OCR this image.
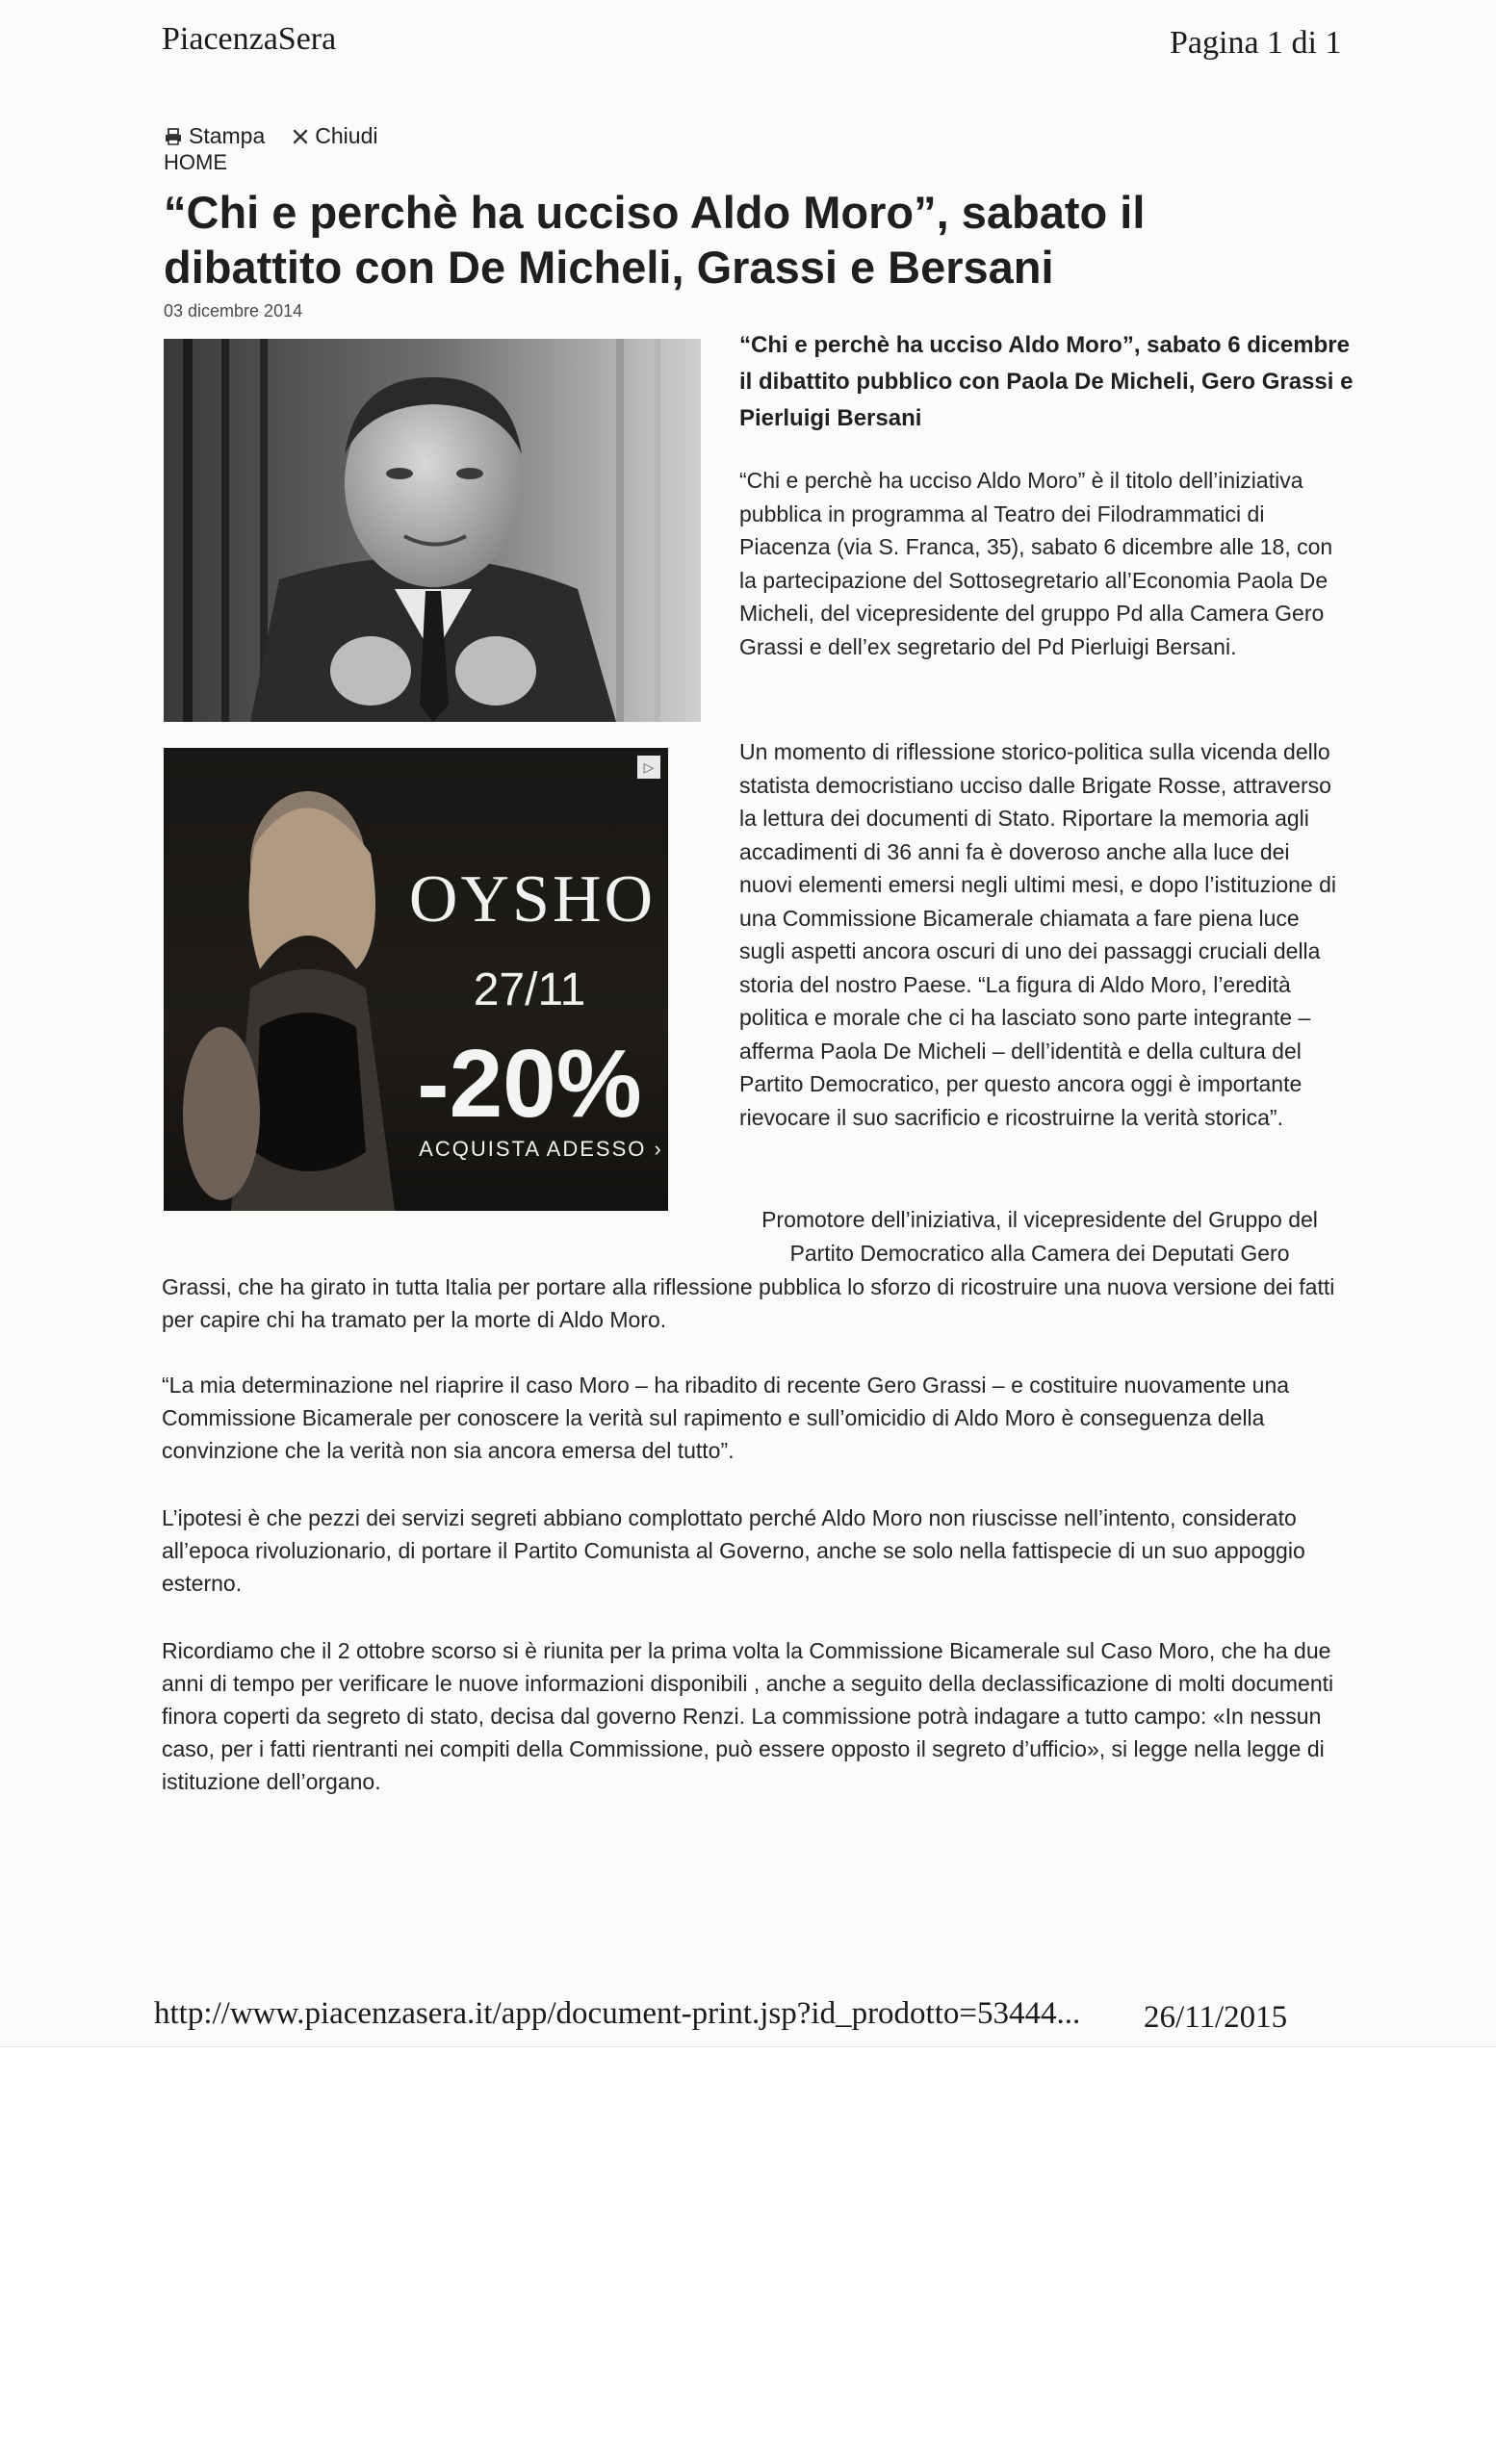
PiacenzaSera	Pagina 1 di 1
Stampa Chiudi
HOME
“Chi e perchè ha ucciso Aldo Moro”, sabato il dibattito con De Micheli, Grassi e Bersani
03 dicembre 2014
▷
OYSHO
27/11
-20%
ACQUISTA ADESSO ›
“Chi e perchè ha ucciso Aldo Moro”, sabato 6 dicembre il dibattito pubblico con Paola De Micheli, Gero Grassi e Pierluigi Bersani
“Chi e perchè ha ucciso Aldo Moro” è il titolo dell’iniziativa pubblica in programma al Teatro dei Filodrammatici di Piacenza (via S. Franca, 35), sabato 6 dicembre alle 18, con la partecipazione del Sottosegretario all’Economia Paola De Micheli, del vicepresidente del gruppo Pd alla Camera Gero Grassi e dell’ex segretario del Pd Pierluigi Bersani.
Un momento di riflessione storico-politica sulla vicenda dello statista democristiano ucciso dalle Brigate Rosse, attraverso la lettura dei documenti di Stato. Riportare la memoria agli accadimenti di 36 anni fa è doveroso anche alla luce dei nuovi elementi emersi negli ultimi mesi, e dopo l’istituzione di una Commissione Bicamerale chiamata a fare piena luce sugli aspetti ancora oscuri di uno dei passaggi cruciali della storia del nostro Paese. “La figura di Aldo Moro, l’eredità politica e morale che ci ha lasciato sono parte integrante – afferma Paola De Micheli – dell’identità e della cultura del Partito Democratico, per questo ancora oggi è importante rievocare il suo sacrificio e ricostruirne la verità storica”.
Promotore dell’iniziativa, il vicepresidente del Gruppo del Partito Democratico alla Camera dei Deputati Gero
Grassi, che ha girato in tutta Italia per portare alla riflessione pubblica lo sforzo di ricostruire una nuova versione dei fatti per capire chi ha tramato per la morte di Aldo Moro.
“La mia determinazione nel riaprire il caso Moro – ha ribadito di recente Gero Grassi – e costituire nuovamente una Commissione Bicamerale per conoscere la verità sul rapimento e sull’omicidio di Aldo Moro è conseguenza della convinzione che la verità non sia ancora emersa del tutto”.
L’ipotesi è che pezzi dei servizi segreti abbiano complottato perché Aldo Moro non riuscisse nell’intento, considerato all’epoca rivoluzionario, di portare il Partito Comunista al Governo, anche se solo nella fattispecie di un suo appoggio esterno.
Ricordiamo che il 2 ottobre scorso si è riunita per la prima volta la Commissione Bicamerale sul Caso Moro, che ha due anni di tempo per verificare le nuove informazioni disponibili , anche a seguito della declassificazione di molti documenti finora coperti da segreto di stato, decisa dal governo Renzi. La commissione potrà indagare a tutto campo: «In nessun caso, per i fatti rientranti nei compiti della Commissione, può essere opposto il segreto d’ufficio», si legge nella legge di istituzione dell’organo.
http://www.piacenzasera.it/app/document-print.jsp?id_prodotto=53444... 26/11/2015
